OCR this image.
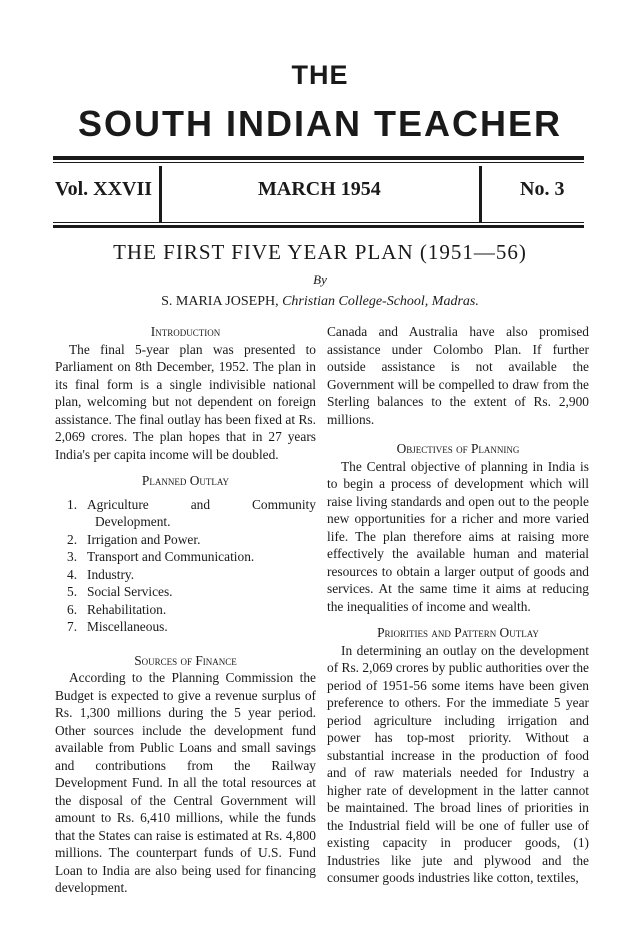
THE
SOUTH INDIAN TEACHER
Vol. XXVII	MARCH 1954	No. 3
THE FIRST FIVE YEAR PLAN (1951—56)
By
S. MARIA JOSEPH, Christian College-School, Madras.
Introduction

The final 5-year plan was presented to Parliament on 8th December, 1952. The plan in its final form is a single indivisible national plan, welcoming but not dependent on foreign assistance. The final outlay has been fixed at Rs. 2,069 crores. The plan hopes that in 27 years India's per capita income will be doubled.

Planned Outlay
1. Agriculture	and	Community
Development.
2. Irrigation and Power.
3. Transport and Communication.
4. Industry.
5. Social Services.
6. Rehabilitation.
7. Miscellaneous.
Sources of Finance

According to the Planning Commission the Budget is expected to give a revenue surplus of Rs. 1,300 millions during the 5 year period. Other sources include the development fund available from Public Loans and small savings and contributions from the Railway Development Fund. In all the total resources at the disposal of the Central Government will amount to Rs. 6,410 millions, while the funds that the States can raise is estimated at Rs. 4,800 millions. The counterpart funds of U.S. Fund Loan to India are also being used for financing development.

Canada and Australia have also promised assistance under Colombo Plan. If further outside assistance is not available the Government will be compelled to draw from the Sterling balances to the extent of Rs. 2,900 millions.

Objectives of Planning

The Central objective of planning in India is to begin a process of development which will raise living standards and open out to the people new opportunities for a richer and more varied life. The plan therefore aims at raising more effectively the available human and material resources to obtain a larger output of goods and services. At the same time it aims at reducing the inequalities of income and wealth.

Priorities and Pattern Outlay

In determining an outlay on the development of Rs. 2,069 crores by public authorities over the period of 1951-56 some items have been given preference to others. For the immediate 5 year period agriculture including irrigation and power has top-most priority. Without a substantial increase in the production of food and of raw materials needed for Industry a higher rate of development in the latter cannot be maintained. The broad lines of priorities in the Industrial field will be one of fuller use of existing capacity in producer goods, (1) Industries like jute and plywood and the consumer goods industries like cotton, textiles,
